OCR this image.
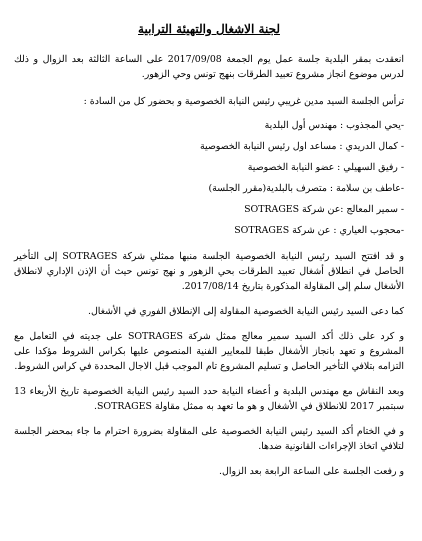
لجنة الاشغال والتهيئة الترابية

انعقدت بمقر البلدية جلسة عمل يوم الجمعة 2017/09/08 على الساعة الثالثة بعد الزوال و ذلك لدرس موضوع انجاز مشروع تعبيد الطرقات بنهج تونس وحي الزهور.

ترأس الجلسة السيد مدين غريبي رئيس النيابة الخصوصية و بحضور كل من السادة :

-يحي المجذوب : مهندس أول البلدية
- كمال الدريدي : مساعد اول رئيس النيابة الخصوصية
- رفيق السهيلي : عضو النيابة الخصوصية
-عاطف بن سلامة : متصرف بالبلدية(مقرر الجلسة)
- سمير المعالج :عن شركة SOTRAGES
-محجوب العياري : عن شركة SOTRAGES

و قد افتتح السيد رئيس النيابة الخصوصية الجلسة منبها ممثلي شركة SOTRAGES إلى التأخير الحاصل في انطلاق أشغال تعبيد الطرقات بحي الزهور و نهج تونس حيث أن الإذن الإداري لانطلاق الأشغال سلم إلى المقاولة المذكورة بتاريخ 2017/08/14.

كما دعى السيد رئيس النيابة الخصوصية المقاولة إلى الإنطلاق الفوري في الأشغال.

و كرد على ذلك أكد السيد سمير معالج ممثل شركة SOTRAGES على جديته في التعامل مع المشروع و تعهد بانجاز الأشغال طبقا للمعايير الفنية المنصوص عليها بكراس الشروط مؤكدا على التزامه بتلافي التأخير الحاصل و تسليم المشروع تام الموجب قبل الاجال المحددة في كراس الشروط.

وبعد النقاش مع مهندس البلدية و أعضاء النيابة حدد السيد رئيس النيابة الخصوصية تاريخ الأربعاء 13 سبتمبر 2017 للانطلاق في الأشغال و هو ما تعهد به ممثل مقاولة SOTRAGES.

و في الختام أكد السيد رئيس النيابة الخصوصية على المقاولة بضرورة احترام ما جاء بمحضر الجلسة لتلافي اتخاذ الإجراءات القانونية ضدها.

و رفعت الجلسة على الساعة الرابعة بعد الزوال.
